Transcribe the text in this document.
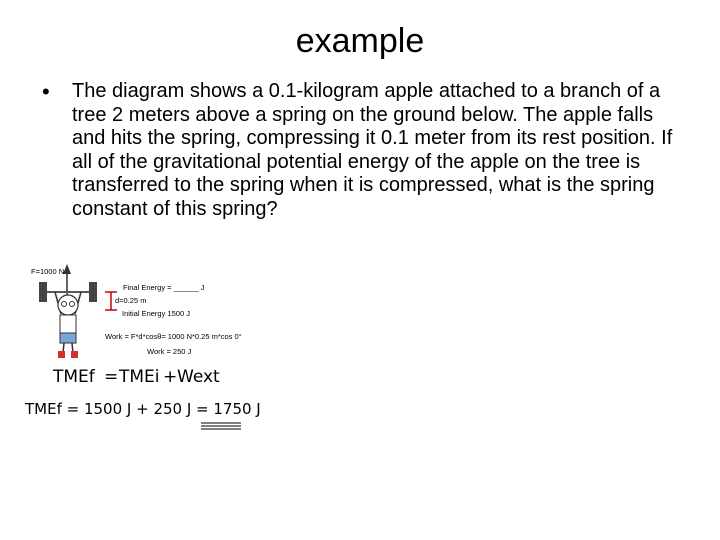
example
• The diagram shows a 0.1-kilogram apple attached to a branch of a tree 2 meters above a spring on the ground below. The apple falls and hits the spring, compressing it 0.1 meter from its rest position. If all of the gravitational potential energy of the apple on the tree is transferred to the spring when it is compressed, what is the spring constant of this spring?
F=1000 N
Final Energy = ______ J
d=0.25 m
Initial Energy 1500 J
Work = F*d*cosθ= 1000 N*0.25 m*cos 0°
Work = 250 J
TMEf = TMEi + Wext
TMEf = 1500 J + 250 J = 1750 J
